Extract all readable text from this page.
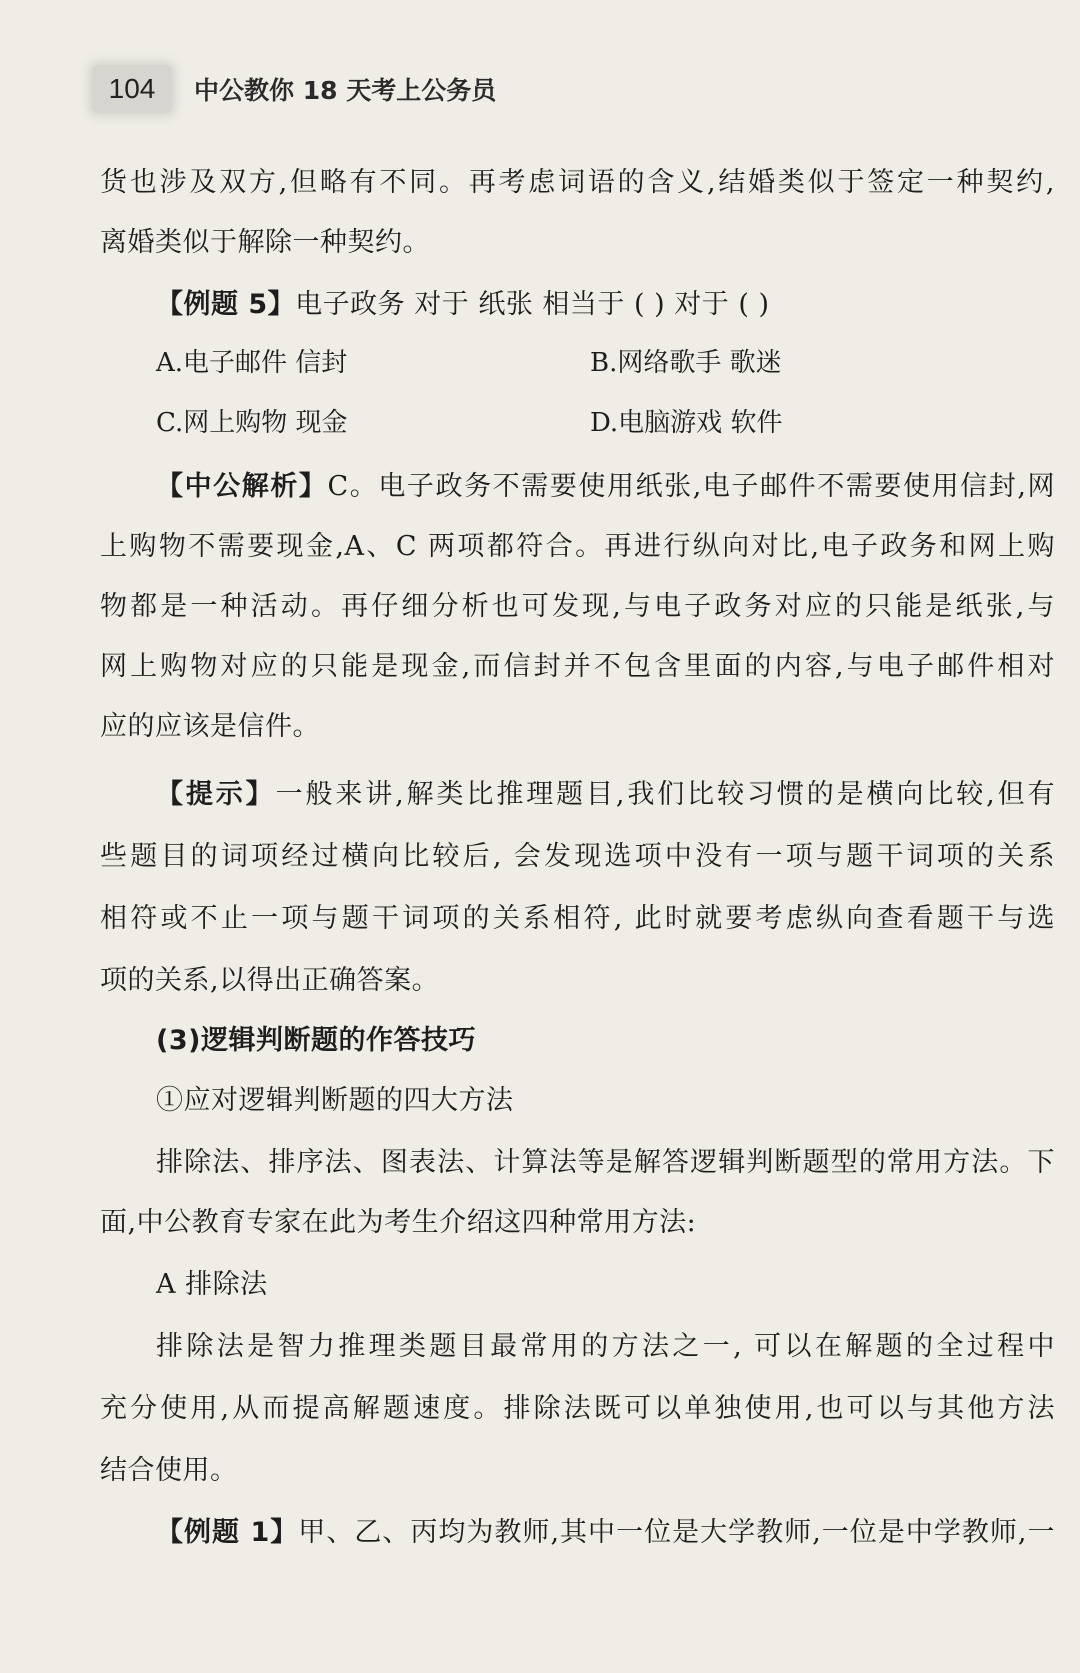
104	中公教你 18 天考上公务员
货也涉及双方,但略有不同。再考虑词语的含义,结婚类似于签定一种契约,
离婚类似于解除一种契约。
【例题 5】电子政务 对于 纸张 相当于 ( ) 对于 ( )
A.电子邮件 信封	B.网络歌手 歌迷
C.网上购物 现金	D.电脑游戏 软件
【中公解析】C。电子政务不需要使用纸张,电子邮件不需要使用信封,网
上购物不需要现金,A、C 两项都符合。再进行纵向对比,电子政务和网上购
物都是一种活动。再仔细分析也可发现,与电子政务对应的只能是纸张,与
网上购物对应的只能是现金,而信封并不包含里面的内容,与电子邮件相对
应的应该是信件。
【提示】一般来讲,解类比推理题目,我们比较习惯的是横向比较,但有
些题目的词项经过横向比较后, 会发现选项中没有一项与题干词项的关系
相符或不止一项与题干词项的关系相符, 此时就要考虑纵向查看题干与选
项的关系,以得出正确答案。
(3)逻辑判断题的作答技巧
①应对逻辑判断题的四大方法
排除法、排序法、图表法、计算法等是解答逻辑判断题型的常用方法。下
面,中公教育专家在此为考生介绍这四种常用方法:
A 排除法
排除法是智力推理类题目最常用的方法之一, 可以在解题的全过程中
充分使用,从而提高解题速度。排除法既可以单独使用,也可以与其他方法
结合使用。
【例题 1】甲、乙、丙均为教师,其中一位是大学教师,一位是中学教师,一
